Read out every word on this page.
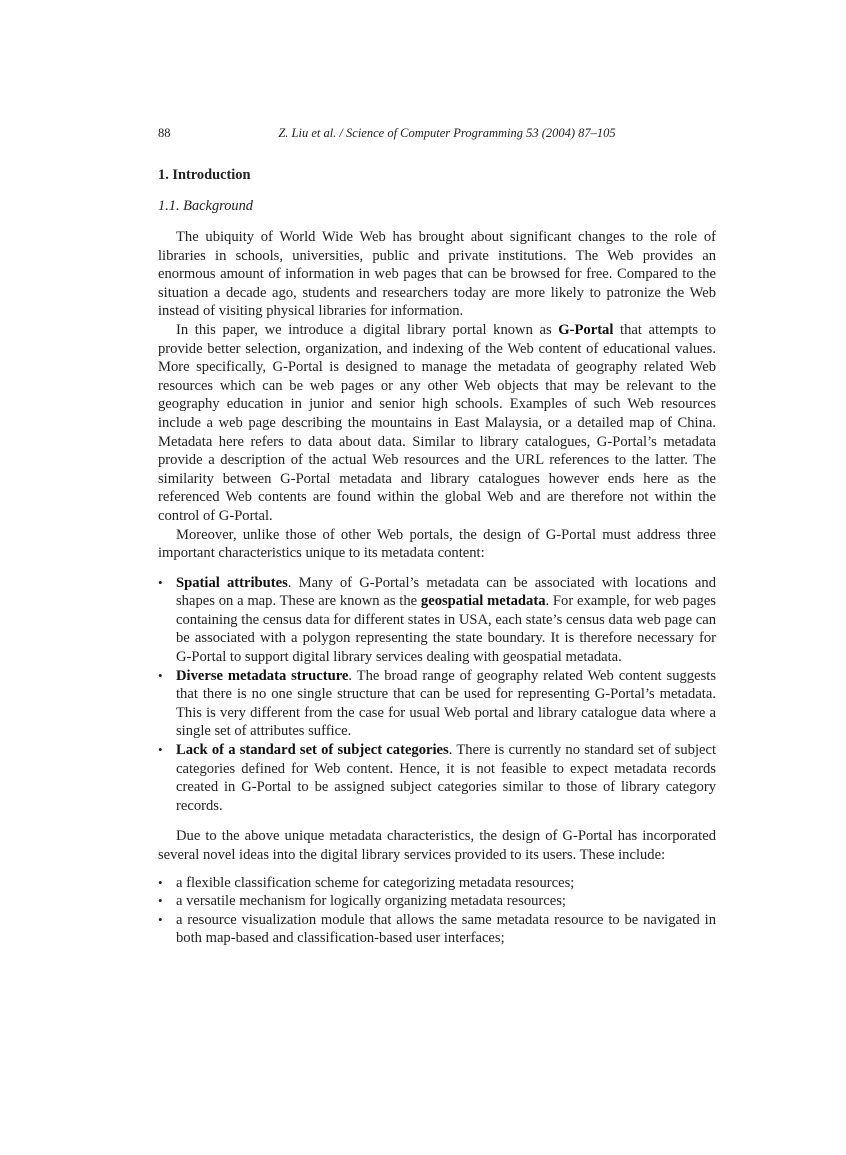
88	Z. Liu et al. / Science of Computer Programming 53 (2004) 87–105
1. Introduction
1.1. Background

The ubiquity of World Wide Web has brought about significant changes to the role of libraries in schools, universities, public and private institutions. The Web provides an enormous amount of information in web pages that can be browsed for free. Compared to the situation a decade ago, students and researchers today are more likely to patronize the Web instead of visiting physical libraries for information.

In this paper, we introduce a digital library portal known as G-Portal that attempts to provide better selection, organization, and indexing of the Web content of educational values. More specifically, G-Portal is designed to manage the metadata of geography related Web resources which can be web pages or any other Web objects that may be relevant to the geography education in junior and senior high schools. Examples of such Web resources include a web page describing the mountains in East Malaysia, or a detailed map of China. Metadata here refers to data about data. Similar to library catalogues, G-Portal’s metadata provide a description of the actual Web resources and the URL references to the latter. The similarity between G-Portal metadata and library catalogues however ends here as the referenced Web contents are found within the global Web and are therefore not within the control of G-Portal.

Moreover, unlike those of other Web portals, the design of G-Portal must address three important characteristics unique to its metadata content:

• Spatial attributes. Many of G-Portal’s metadata can be associated with locations and shapes on a map. These are known as the geospatial metadata. For example, for web pages containing the census data for different states in USA, each state’s census data web page can be associated with a polygon representing the state boundary. It is therefore necessary for G-Portal to support digital library services dealing with geospatial metadata.
• Diverse metadata structure. The broad range of geography related Web content suggests that there is no one single structure that can be used for representing G-Portal’s metadata. This is very different from the case for usual Web portal and library catalogue data where a single set of attributes suffice.
• Lack of a standard set of subject categories. There is currently no standard set of subject categories defined for Web content. Hence, it is not feasible to expect metadata records created in G-Portal to be assigned subject categories similar to those of library category records.

Due to the above unique metadata characteristics, the design of G-Portal has incorporated several novel ideas into the digital library services provided to its users. These include:

• a flexible classification scheme for categorizing metadata resources;
• a versatile mechanism for logically organizing metadata resources;
• a resource visualization module that allows the same metadata resource to be navigated in both map-based and classification-based user interfaces;
